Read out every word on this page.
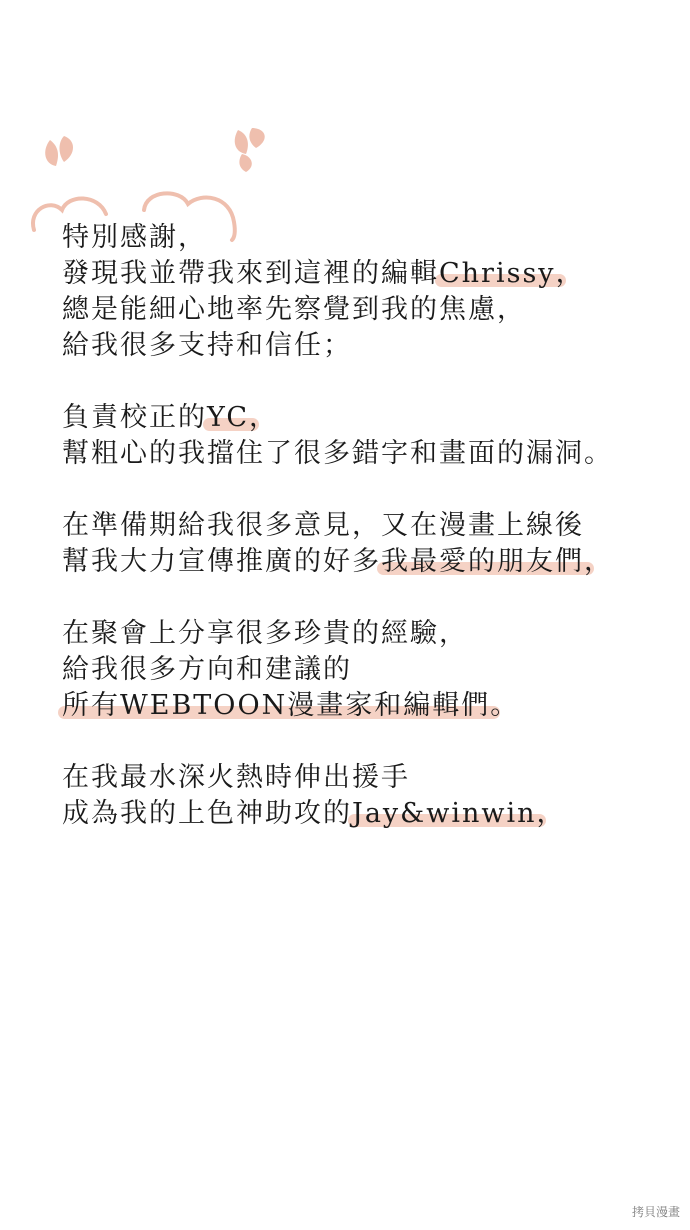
特別感謝，
發現我並帶我來到這裡的編輯Chrissy，
總是能細心地率先察覺到我的焦慮，
給我很多支持和信任；
負責校正的YC，
幫粗心的我擋住了很多錯字和畫面的漏洞。
在準備期給我很多意見，又在漫畫上線後
幫我大力宣傳推廣的好多我最愛的朋友們，
在聚會上分享很多珍貴的經驗，
給我很多方向和建議的
所有WEBTOON漫畫家和編輯們。
在我最水深火熱時伸出援手
成為我的上色神助攻的Jay&winwin，
拷貝漫畫
